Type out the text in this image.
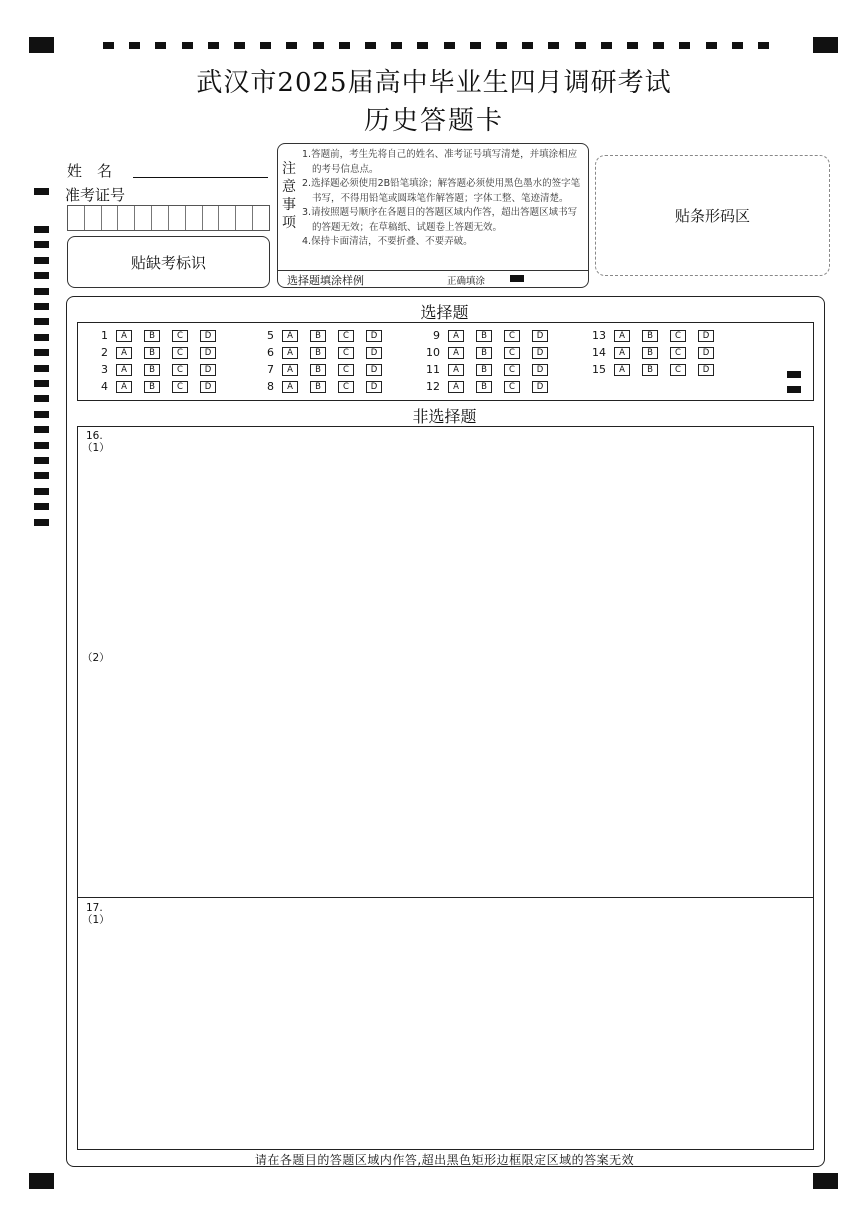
武汉市2025届高中毕业生四月调研考试
历史答题卡
姓　名
准考证号
贴缺考标识
注
意
事
项
1.答题前，考生先将自己的姓名、准考证号填写清楚，并填涂相应的考号信息点。
2.选择题必须使用2B铅笔填涂；解答题必须使用黑色墨水的签字笔书写，不得用铅笔或圆珠笔作解答题；字体工整、笔迹清楚。
3.请按照题号顺序在各题目的答题区域内作答，超出答题区域书写的答题无效；在草稿纸、试题卷上答题无效。
4.保持卡面清洁，不要折叠、不要弄破。
选择题填涂样例	正确填涂
贴条形码区
选择题
1	A	B	C	D
2	A	B	C	D
3	A	B	C	D
4	A	B	C	D
5	A	B	C	D
6	A	B	C	D
7	A	B	C	D
8	A	B	C	D
9	A	B	C	D
10	A	B	C	D
11	A	B	C	D
12	A	B	C	D
13	A	B	C	D
14	A	B	C	D
15	A	B	C	D
非选择题
16.
（1）
（2）
17.
（1）
请在各题目的答题区域内作答,超出黑色矩形边框限定区域的答案无效
